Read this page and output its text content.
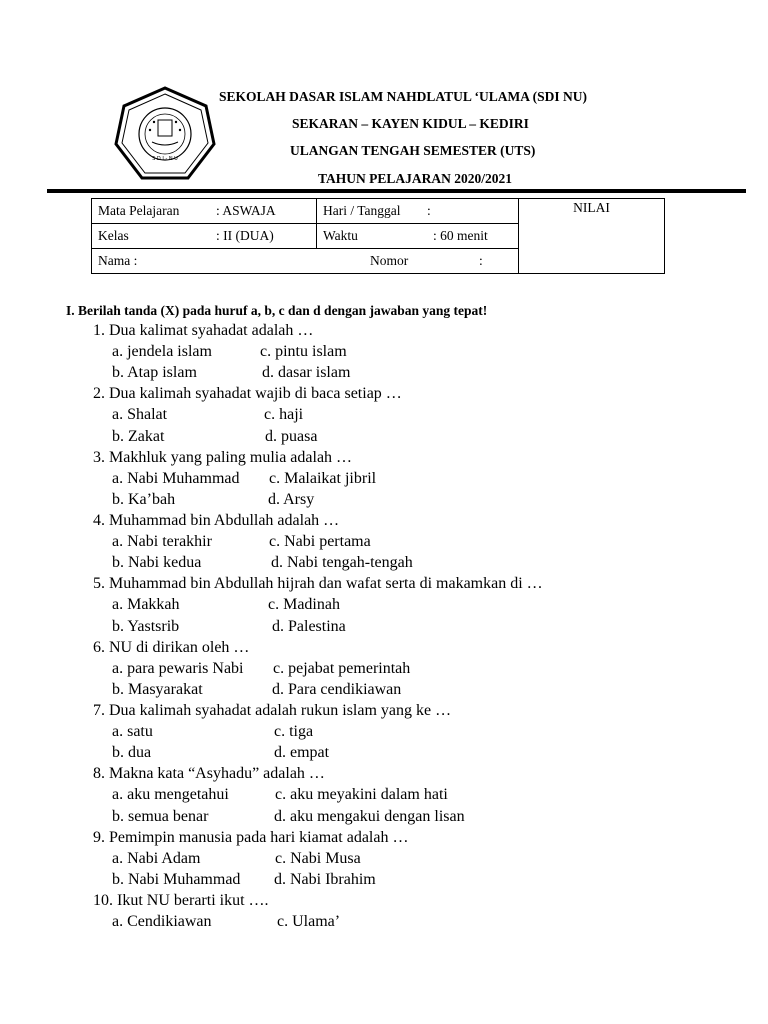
S D I - N U
SEKOLAH DASAR ISLAM NAHDLATUL ‘ULAMA (SDI NU)
SEKARAN – KAYEN KIDUL – KEDIRI
ULANGAN TENGAH SEMESTER (UTS)
TAHUN PELAJARAN 2020/2021
Mata Pelajaran : ASWAJA	Hari / Tanggal :	NILAI

Kelas : II (DUA)	Waktu : 60 menit	

Nama : Nomor :		
I. Berilah tanda (X) pada huruf a, b, c dan d dengan jawaban yang tepat!
1. Dua kalimat syahadat adalah …
a. jendela islam	c. pintu islam
b. Atap islam	d. dasar islam
2. Dua kalimah syahadat wajib di baca setiap …
a. Shalat	c. haji
b. Zakat	d. puasa
3. Makhluk yang paling mulia adalah …
a. Nabi Muhammad c. Malaikat jibril
b. Ka’bah	d. Arsy
4. Muhammad bin Abdullah adalah …
a. Nabi terakhir	c. Nabi pertama
b. Nabi kedua	d. Nabi tengah-tengah
5. Muhammad bin Abdullah hijrah dan wafat serta di makamkan di …
a. Makkah	c. Madinah
b. Yastsrib	d. Palestina
6. NU di dirikan oleh …
a. para pewaris Nabi c. pejabat pemerintah
b. Masyarakat	d. Para cendikiawan
7. Dua kalimah syahadat adalah rukun islam yang ke …
a. satu	c. tiga
b. dua	d. empat
8. Makna kata “Asyhadu” adalah …
a. aku mengetahui	c. aku meyakini dalam hati
b. semua benar	d. aku mengakui dengan lisan
9. Pemimpin manusia pada hari kiamat adalah …
a. Nabi Adam	c. Nabi Musa
b. Nabi Muhammad d. Nabi Ibrahim
10. Ikut NU berarti ikut ….
a. Cendikiawan	c. Ulama’
